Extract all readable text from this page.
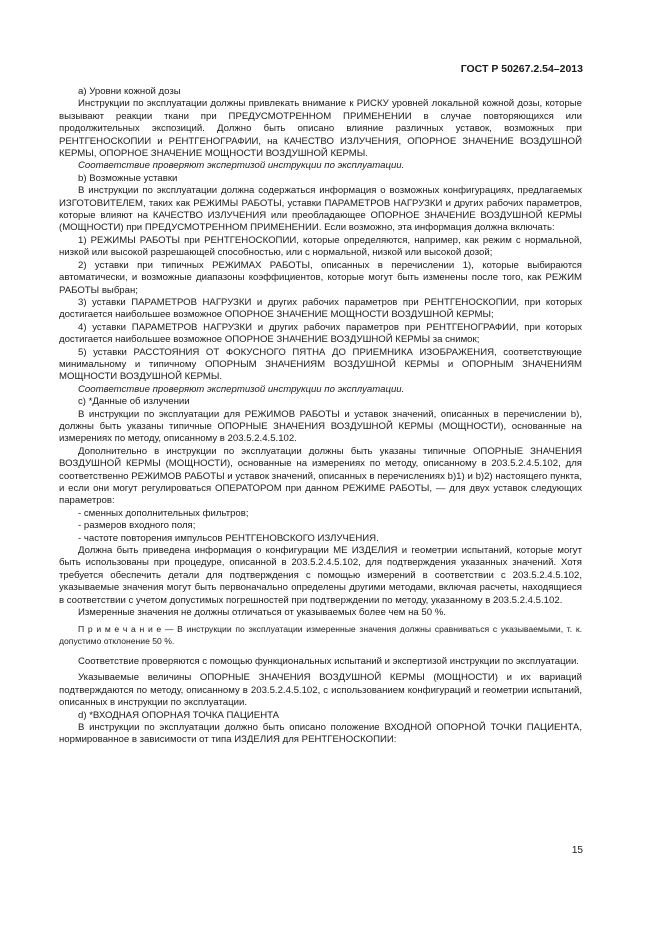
ГОСТ Р 50267.2.54–2013

a) Уровни кожной дозы

Инструкции по эксплуатации должны привлекать внимание к РИСКУ уровней локальной кожной дозы, которые вызывают реакции ткани при ПРЕДУСМОТРЕННОМ ПРИМЕНЕНИИ в случае повторяющихся или продолжительных экспозиций. Должно быть описано влияние различных уставок, возможных при РЕНТГЕНОСКОПИИ и РЕНТГЕНОГРАФИИ, на КАЧЕСТВО ИЗЛУЧЕНИЯ, ОПОРНОЕ ЗНАЧЕНИЕ ВОЗДУШНОЙ КЕРМЫ, ОПОРНОЕ ЗНАЧЕНИЕ МОЩНОСТИ ВОЗДУШНОЙ КЕРМЫ.

Соответствие проверяют экспертизой инструкции по эксплуатации.

b) Возможные уставки

В инструкции по эксплуатации должна содержаться информация о возможных конфигурациях, предлагаемых ИЗГОТОВИТЕЛЕМ, таких как РЕЖИМЫ РАБОТЫ, уставки ПАРАМЕТРОВ НАГРУЗКИ и других рабочих параметров, которые влияют на КАЧЕСТВО ИЗЛУЧЕНИЯ или преобладающее ОПОРНОЕ ЗНАЧЕНИЕ ВОЗДУШНОЙ КЕРМЫ (МОЩНОСТИ) при ПРЕДУСМОТРЕННОМ ПРИМЕНЕНИИ. Если возможно, эта информация должна включать:

1) РЕЖИМЫ РАБОТЫ при РЕНТГЕНОСКОПИИ, которые определяются, например, как режим с нормальной, низкой или высокой разрешающей способностью, или с нормальной, низкой или высокой дозой;

2) уставки при типичных РЕЖИМАХ РАБОТЫ, описанных в перечислении 1), которые выбираются автоматически, и возможные диапазоны коэффициентов, которые могут быть изменены после того, как РЕЖИМ РАБОТЫ выбран;

3) уставки ПАРАМЕТРОВ НАГРУЗКИ и других рабочих параметров при РЕНТГЕНОСКОПИИ, при которых достигается наибольшее возможное ОПОРНОЕ ЗНАЧЕНИЕ МОЩНОСТИ ВОЗДУШНОЙ КЕРМЫ;

4) уставки ПАРАМЕТРОВ НАГРУЗКИ и других рабочих параметров при РЕНТГЕНОГРАФИИ, при которых достигается наибольшее возможное ОПОРНОЕ ЗНАЧЕНИЕ ВОЗДУШНОЙ КЕРМЫ за снимок;

5) уставки РАССТОЯНИЯ ОТ ФОКУСНОГО ПЯТНА ДО ПРИЕМНИКА ИЗОБРАЖЕНИЯ, соответствующие минимальному и типичному ОПОРНЫМ ЗНАЧЕНИЯМ ВОЗДУШНОЙ КЕРМЫ и ОПОРНЫМ ЗНАЧЕНИЯМ МОЩНОСТИ ВОЗДУШНОЙ КЕРМЫ.

Соответствие проверяют экспертизой инструкции по эксплуатации.

c) *Данные об излучении

В инструкции по эксплуатации для РЕЖИМОВ РАБОТЫ и уставок значений, описанных в перечислении b), должны быть указаны типичные ОПОРНЫЕ ЗНАЧЕНИЯ ВОЗДУШНОЙ КЕРМЫ (МОЩНОСТИ), основанные на измерениях по методу, описанному в 203.5.2.4.5.102.

Дополнительно в инструкции по эксплуатации должны быть указаны типичные ОПОРНЫЕ ЗНАЧЕНИЯ ВОЗДУШНОЙ КЕРМЫ (МОЩНОСТИ), основанные на измерениях по методу, описанному в 203.5.2.4.5.102, для соответственно РЕЖИМОВ РАБОТЫ и уставок значений, описанных в перечислениях b)1) и b)2) настоящего пункта, и если они могут регулироваться ОПЕРАТОРОМ при данном РЕЖИМЕ РАБОТЫ, — для двух уставок следующих параметров:

- сменных дополнительных фильтров;

- размеров входного поля;

- частоте повторения импульсов РЕНТГЕНОВСКОГО ИЗЛУЧЕНИЯ.

Должна быть приведена информация о конфигурации МЕ ИЗДЕЛИЯ и геометрии испытаний, которые могут быть использованы при процедуре, описанной в 203.5.2.4.5.102, для подтверждения указанных значений. Хотя требуется обеспечить детали для подтверждения с помощью измерений в соответствии с 203.5.2.4.5.102, указываемые значения могут быть первоначально определены другими методами, включая расчеты, находящиеся в соответствии с учетом допустимых погрешностей при подтверждении по методу, указанному в 203.5.2.4.5.102.

Измеренные значения не должны отличаться от указываемых более чем на 50 %.

П р и м е ч а н и е — В инструкции по эксплуатации измеренные значения должны сравниваться с указываемыми, т. к. допустимо отклонение 50 %.

Соответствие проверяются с помощью функциональных испытаний и экспертизой инструкции по эксплуатации.

Указываемые величины ОПОРНЫЕ ЗНАЧЕНИЯ ВОЗДУШНОЙ КЕРМЫ (МОЩНОСТИ) и их вариаций подтверждаются по методу, описанному в 203.5.2.4.5.102, с использованием конфигураций и геометрии испытаний, описанных в инструкции по эксплуатации.

d) *ВХОДНАЯ ОПОРНАЯ ТОЧКА ПАЦИЕНТА

В инструкции по эксплуатации должно быть описано положение ВХОДНОЙ ОПОРНОЙ ТОЧКИ ПАЦИЕНТА, нормированное в зависимости от типа ИЗДЕЛИЯ для РЕНТГЕНОСКОПИИ:

15
